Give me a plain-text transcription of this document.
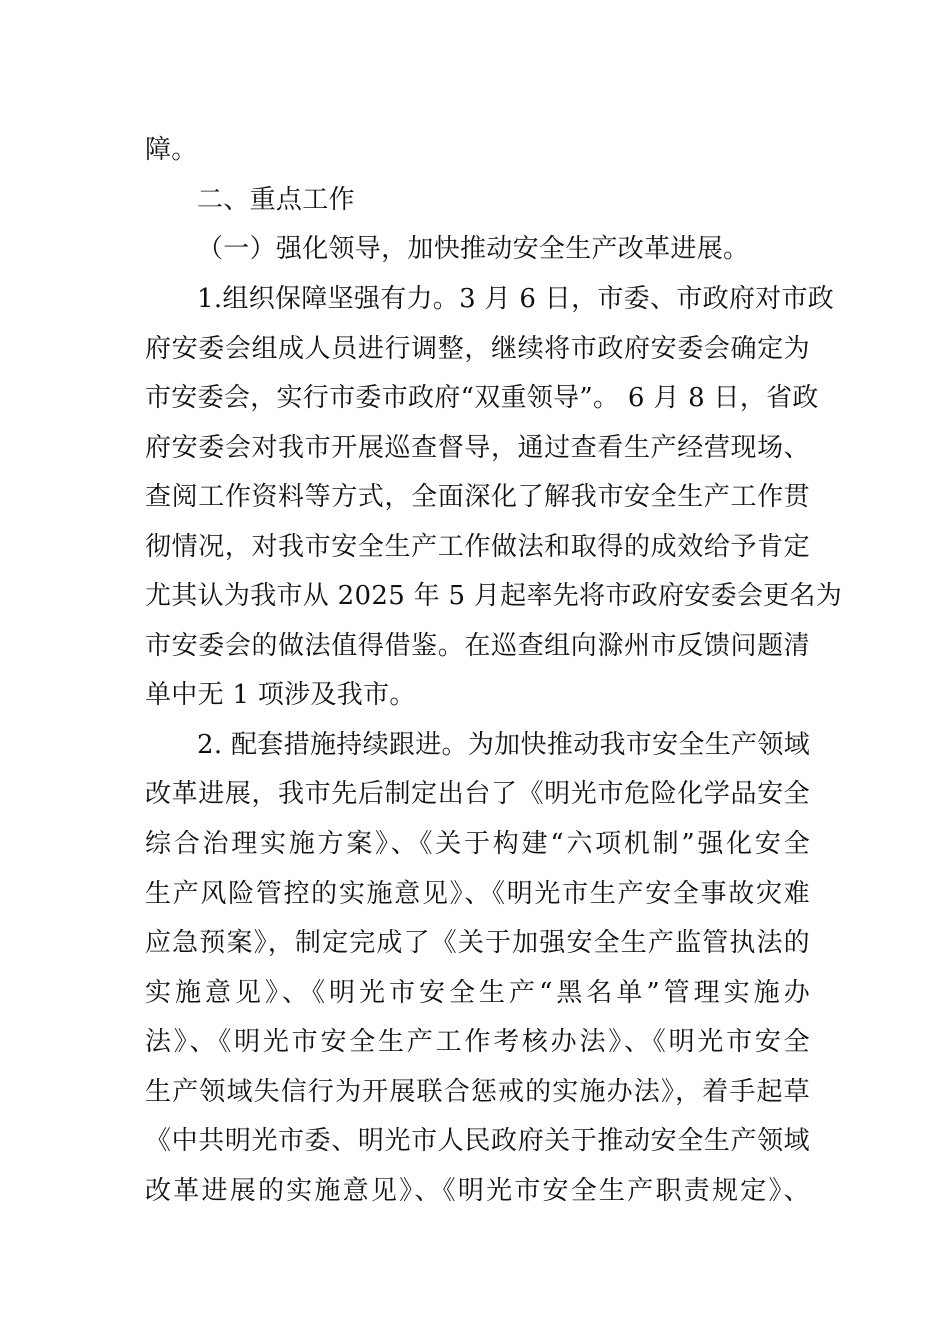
障。
二、重点工作
（一）强化领导，加快推动安全生产改革进展。
1.组织保障坚强有力。3 月 6 日，市委、市政府对市政
府安委会组成人员进行调整，继续将市政府安委会确定为
市安委会，实行市委市政府“双重领导”。 6 月 8 日，省政
府安委会对我市开展巡查督导，通过查看生产经营现场、
查阅工作资料等方式，全面深化了解我市安全生产工作贯
彻情况，对我市安全生产工作做法和取得的成效给予肯定
尤其认为我市从 2025 年 5 月起率先将市政府安委会更名为
市安委会的做法值得借鉴。在巡查组向滁州市反馈问题清
单中无 1 项涉及我市。
2. 配套措施持续跟进。为加快推动我市安全生产领域
改革进展，我市先后制定出台了《明光市危险化学品安全
综合治理实施方案》、《关于构建“六项机制”强化安全
生产风险管控的实施意见》、《明光市生产安全事故灾难
应急预案》，制定完成了《关于加强安全生产监管执法的
实施意见》、《明光市安全生产“黑名单”管理实施办
法》、《明光市安全生产工作考核办法》、《明光市安全
生产领域失信行为开展联合惩戒的实施办法》，着手起草
《中共明光市委、明光市人民政府关于推动安全生产领域
改革进展的实施意见》、《明光市安全生产职责规定》、
